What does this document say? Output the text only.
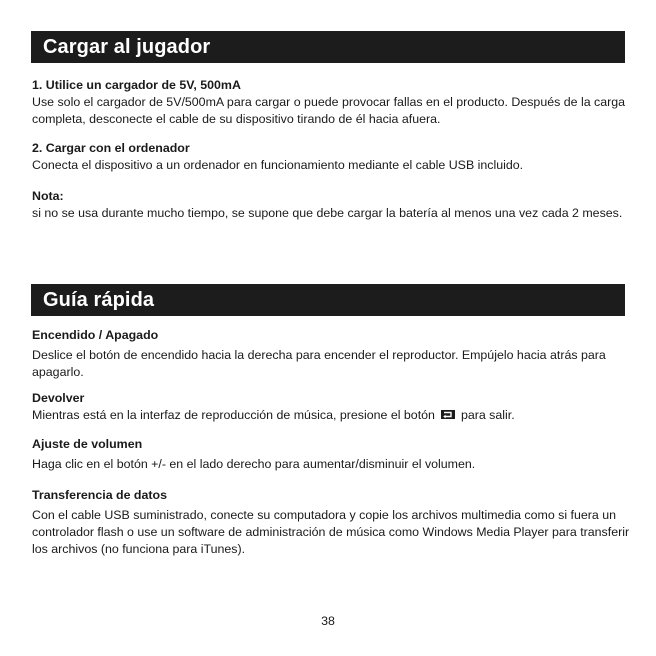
Cargar al jugador
1. Utilice un cargador de 5V, 500mA
Use solo el cargador de 5V/500mA para cargar o puede provocar fallas en el producto. Después de la carga completa, desconecte el cable de su dispositivo tirando de él hacia afuera.
2. Cargar con el ordenador
Conecta el dispositivo a un ordenador en funcionamiento mediante el cable USB incluido.
Nota:
si no se usa durante mucho tiempo, se supone que debe cargar la batería al menos una vez cada 2 meses.
Guía rápida
Encendido / Apagado
Deslice el botón de encendido hacia la derecha para encender el reproductor. Empújelo hacia atrás para apagarlo.
Devolver
Mientras está en la interfaz de reproducción de música, presione el botón para salir.
Ajuste de volumen
Haga clic en el botón +/- en el lado derecho para aumentar/disminuir el volumen.
Transferencia de datos
Con el cable USB suministrado, conecte su computadora y copie los archivos multimedia como si fuera un controlador flash o use un software de administración de música como Windows Media Player para transferir los archivos (no funciona para iTunes).
38
